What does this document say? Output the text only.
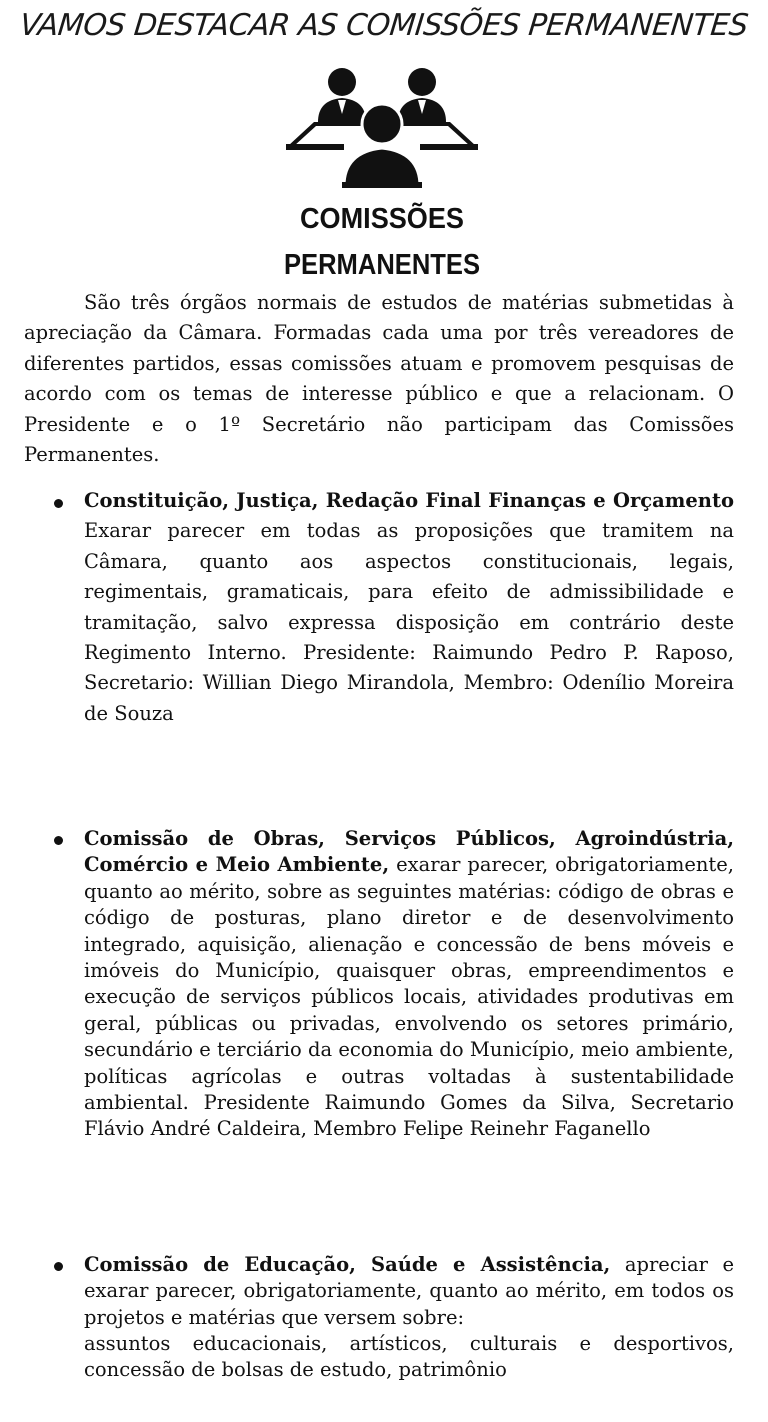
VAMOS DESTACAR AS COMISSÕES PERMANENTES
COMISSÕES
PERMANENTES

São três órgãos normais de estudos de matérias submetidas à apreciação da Câmara. Formadas cada uma por três vereadores de diferentes partidos, essas comissões atuam e promovem pesquisas de acordo com os temas de interesse público e que a relacionam. O Presidente e o 1º Secretário não participam das Comissões Permanentes.

Constituição, Justiça, Redação Final Finanças e Orçamento Exarar parecer em todas as proposições que tramitem na Câmara, quanto aos aspectos constitucionais, legais, regimentais, gramaticais, para efeito de admissibilidade e tramitação, salvo expressa disposição em contrário deste Regimento Interno. Presidente: Raimundo Pedro P. Raposo, Secretario: Willian Diego Mirandola, Membro: Odenílio Moreira de Souza

Comissão de Obras, Serviços Públicos, Agroindústria, Comércio e Meio Ambiente, exarar parecer, obrigatoriamente, quanto ao mérito, sobre as seguintes matérias: código de obras e código de posturas, plano diretor e de desenvolvimento integrado, aquisição, alienação e concessão de bens móveis e imóveis do Município, quaisquer obras, empreendimentos e execução de serviços públicos locais, atividades produtivas em geral, públicas ou privadas, envolvendo os setores primário, secundário e terciário da economia do Município, meio ambiente, políticas agrícolas e outras voltadas à sustentabilidade ambiental. Presidente Raimundo Gomes da Silva, Secretario Flávio André Caldeira, Membro Felipe Reinehr Faganello

Comissão de Educação, Saúde e Assistência, apreciar e exarar parecer, obrigatoriamente, quanto ao mérito, em todos os projetos e matérias que versem sobre:

assuntos educacionais, artísticos, culturais e desportivos, concessão de bolsas de estudo, patrimônio
